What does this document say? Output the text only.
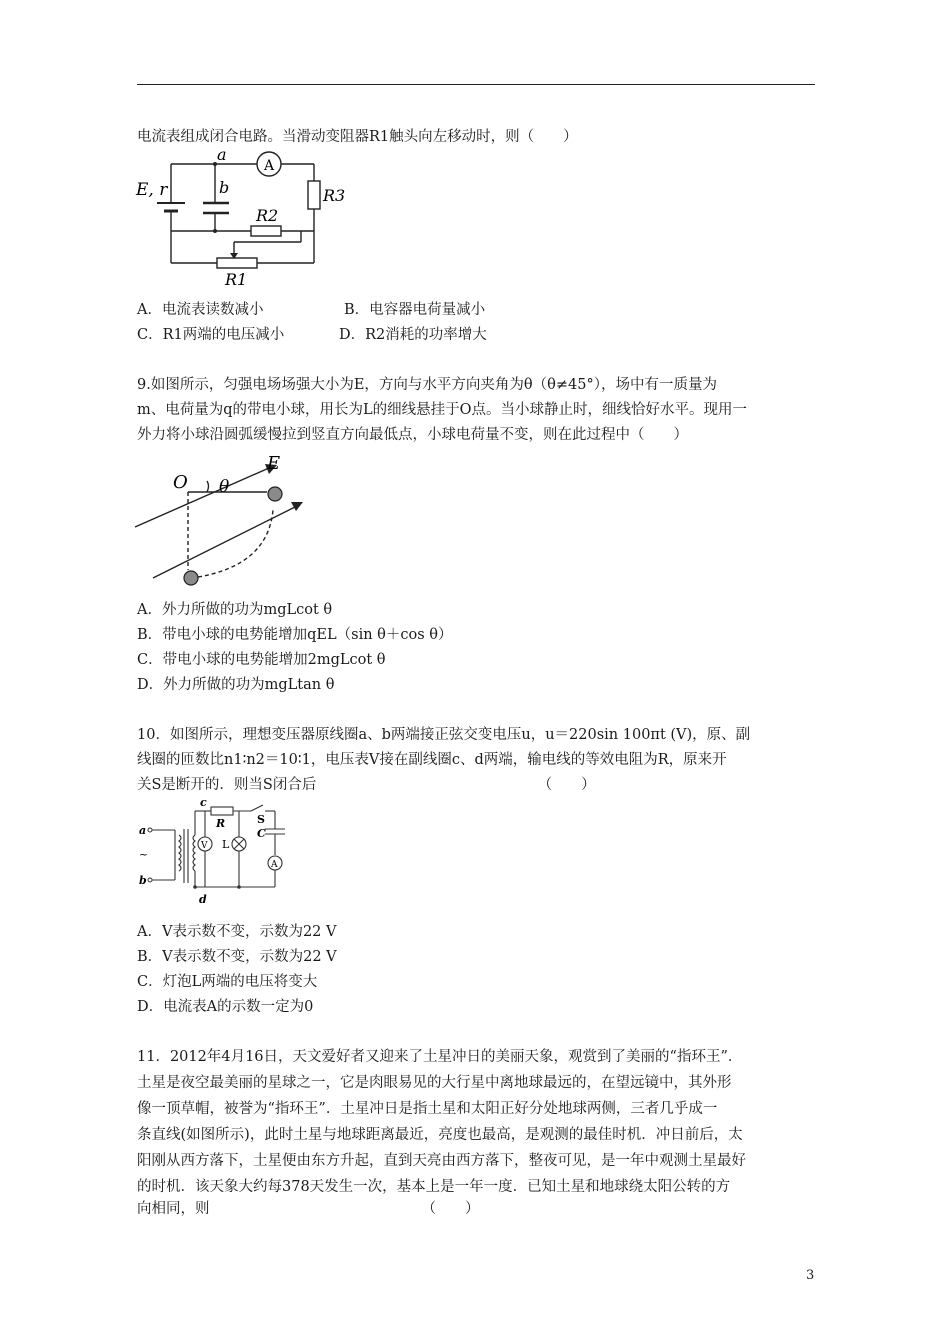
电流表组成闭合电路。当滑动变阻器R1触头向左移动时，则（　　）
a
b
E, r
A
R3
R2
R1
A．电流表读数减小	B．电容器电荷量减小
C．R1两端的电压减小	D．R2消耗的功率增大
9.如图所示，匀强电场场强大小为E，方向与水平方向夹角为θ（θ≠45°），场中有一质量为
m、电荷量为q的带电小球，用长为L的细线悬挂于O点。当小球静止时，细线恰好水平。现用一
外力将小球沿圆弧缓慢拉到竖直方向最低点，小球电荷量不变，则在此过程中（　　）
O θ
E
A．外力所做的功为mgLcot θ
B．带电小球的电势能增加qEL（sin θ＋cos θ）
C．带电小球的电势能增加2mgLcot θ
D．外力所做的功为mgLtan θ
10．如图所示，理想变压器原线圈a、b两端接正弦交变电压u，u＝220sin 100πt (V)，原、副
线圈的匝数比n1∶n2＝10∶1，电压表V接在副线圈c、d两端，输电线的等效电阻为R，原来开
关S是断开的．则当S闭合后                                                （　　）
a
~
b
c
d
R	S
C
V L
A
A．V表示数不变，示数为22 V
B．V表示数不变，示数为22 V
C．灯泡L两端的电压将变大
D．电流表A的示数一定为0
11．2012年4月16日，天文爱好者又迎来了土星冲日的美丽天象，观赏到了美丽的“指环王”．
土星是夜空最美丽的星球之一，它是肉眼易见的大行星中离地球最远的，在望远镜中，其外形
像一顶草帽，被誉为“指环王”．土星冲日是指土星和太阳正好分处地球两侧，三者几乎成一
条直线(如图所示)，此时土星与地球距离最近，亮度也最高，是观测的最佳时机．冲日前后，太
阳刚从西方落下，土星便由东方升起，直到天亮由西方落下，整夜可见，是一年中观测土星最好
的时机．该天象大约每378天发生一次，基本上是一年一度．已知土星和地球绕太阳公转的方
向相同，则                                              （　　）
3
